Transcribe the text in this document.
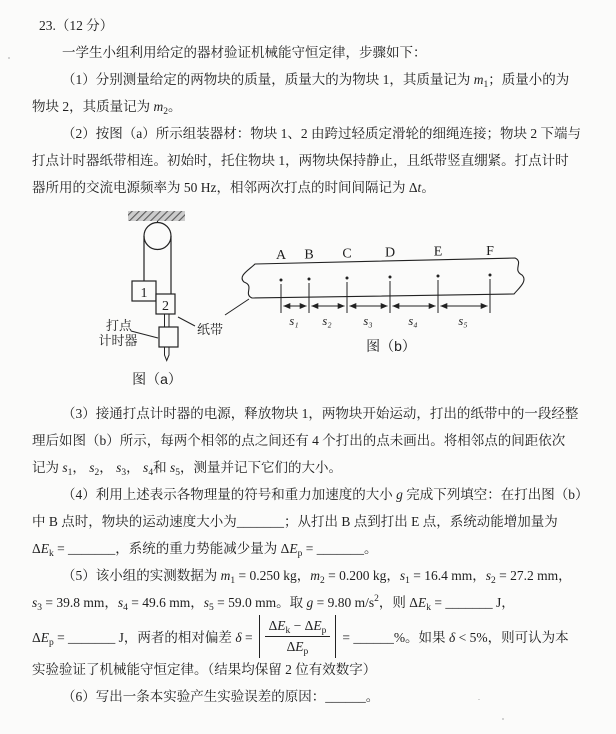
23.（12 分）
一学生小组利用给定的器材验证机械能守恒定律，步骤如下：
（1）分别测量给定的两物块的质量，质量大的为物块 1，其质量记为 $m_1$；质量小的为
物块 2，其质量记为 $m_2$。
（2）按图（a）所示组装器材：物块 1、2 由跨过轻质定滑轮的细绳连接；物块 2 下端与
打点计时器纸带相连。初始时，托住物块 1，两物块保持静止，且纸带竖直绷紧。打点计时
器所用的交流电源频率为 50 Hz，相邻两次打点的时间间隔记为 Δt。
1
2
打点
计时器
纸带
图（a）
A B C D	E	F
s₁ s₂	s₃	s₄	s₅
图（b）
（3）接通打点计时器的电源，释放物块 1，两物块开始运动，打出的纸带中的一段经整
理后如图（b）所示，每两个相邻的点之间还有 4 个打出的点未画出。将相邻点的间距依次
记为 $s_1$， $s_2$， $s_3$， $s_4$和 $s_5$，测量并记下它们的大小。
（4）利用上述表示各物理量的符号和重力加速度的大小 g 完成下列填空：在打出图（b）
中 B 点时，物块的运动速度大小为_______；从打出 B 点到打出 E 点，系统动能增加量为
$\Delta E_k$ = _______，系统的重力势能减少量为 $\Delta E_p$ = _______。
（5）该小组的实测数据为 $m_1 = 0.250$ kg，$m_2 = 0.200$ kg，$s_1 = 16.4$ mm，$s_2 = 27.2$ mm，
$s_3 = 39.8$ mm，$s_4 = 49.6$ mm，$s_5 = 59.0$ mm。取 g = 9.80 $m/s^2$，则 $\Delta E_k$ = _______ J，
$\Delta E_p$ = _______ J，两者的相对偏差 $\delta = \frac{\Delta E_k - \Delta E_p}{\Delta E_p}$ = ______%。如果 δ < 5%，则可认为本
实验验证了机械能守恒定律。（结果均保留 2 位有效数字）
（6）写出一条本实验产生实验误差的原因：______。
